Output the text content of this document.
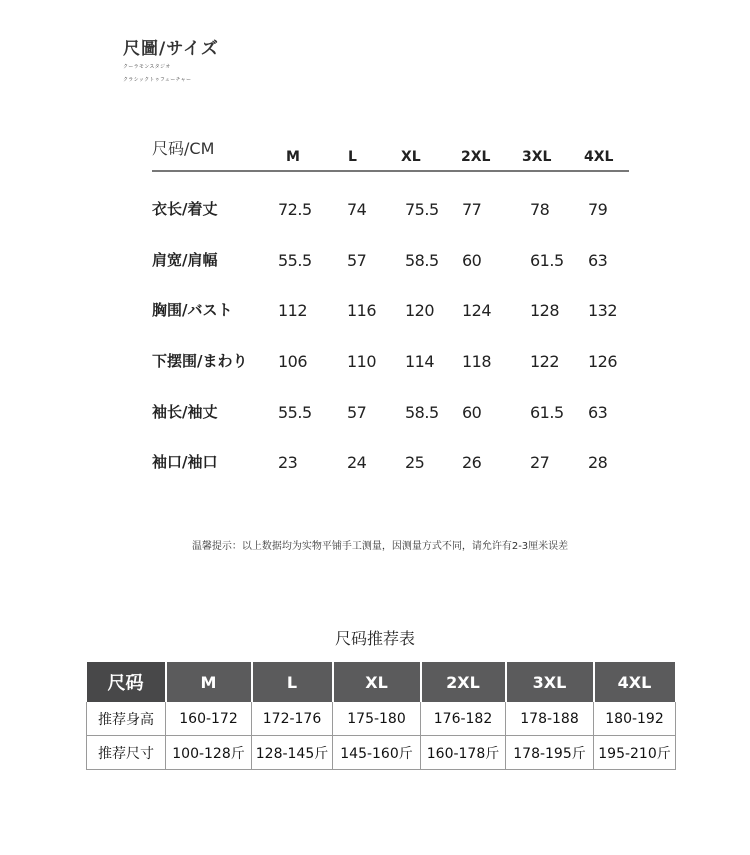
尺圖/サイズ
クーラモンスタジオ
クラシックトゥフューチャー
尺码/CM	M	L	XL	2XL 3XL 4XL
衣长/着丈	72.5 74 75.5 77	78 79
肩宽/肩幅	55.5 57 58.5 60	61.5 63
胸围/バスト	112 116 120 124 128 132
下摆围/まわり 106 110 114 118 122 126
袖长/袖丈	55.5 57 58.5 60	61.5 63
袖口/袖口	23	24 25 26	27 28
温馨提示：以上数据均为实物平铺手工测量，因测量方式不同，请允许有2-3厘米误差
尺码推荐表
尺码	M	L	XL	2XL	3XL	4XL
推荐身高	160-172	172-176	175-180	176-182	178-188	180-192
推荐尺寸	100-128斤	128-145斤	145-160斤	160-178斤	178-195斤	195-210斤
